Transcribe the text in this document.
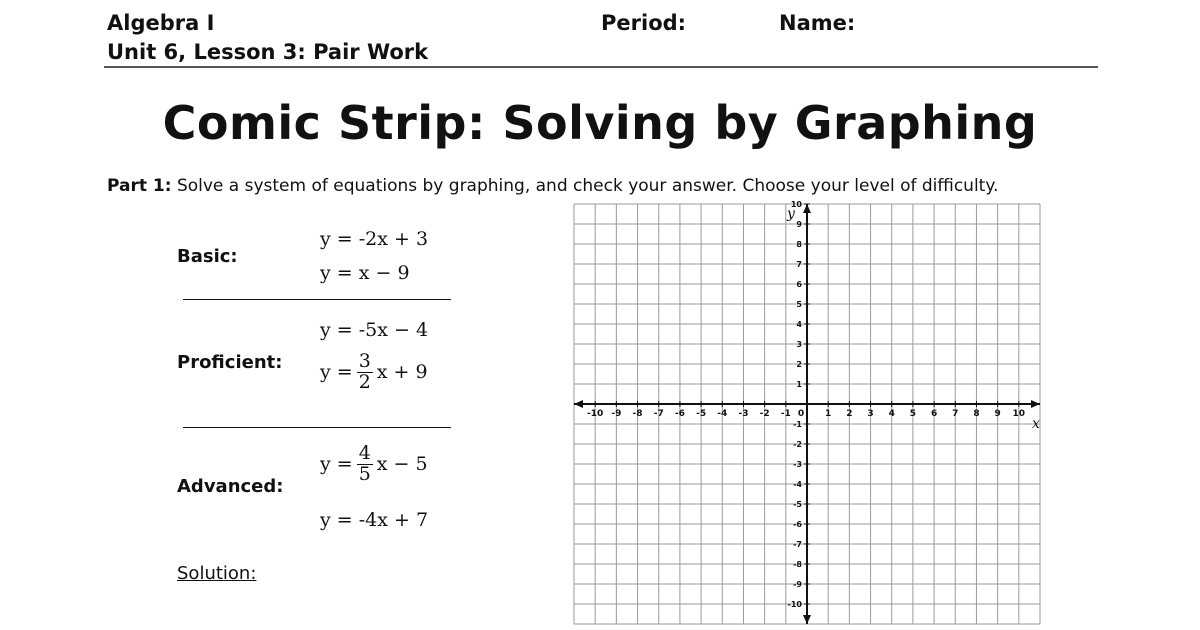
Algebra I
Unit 6, Lesson 3: Pair Work
Period:	Name:
Comic Strip: Solving by Graphing
Part 1: Solve a system of equations by graphing, and check your answer. Choose your level of difficulty.
Basic:
y = -2x + 3
y = x − 9
Proficient:
y = -5x − 4
$y = \frac{3}{2}$ x + 9
Advanced:
$y = \frac{4}{5}$ x − 5
y = -4x + 7
Solution:
-10 -9 -8 -7 -6 -5 -4 -3 -2 -1 0 1 2 3 4 5 6 7 8 9 10
10
9
8
7
6
5
4
3
2
1
-1
-2
-3
-4
-5
-6
-7
-8
-9
-10
x
y
